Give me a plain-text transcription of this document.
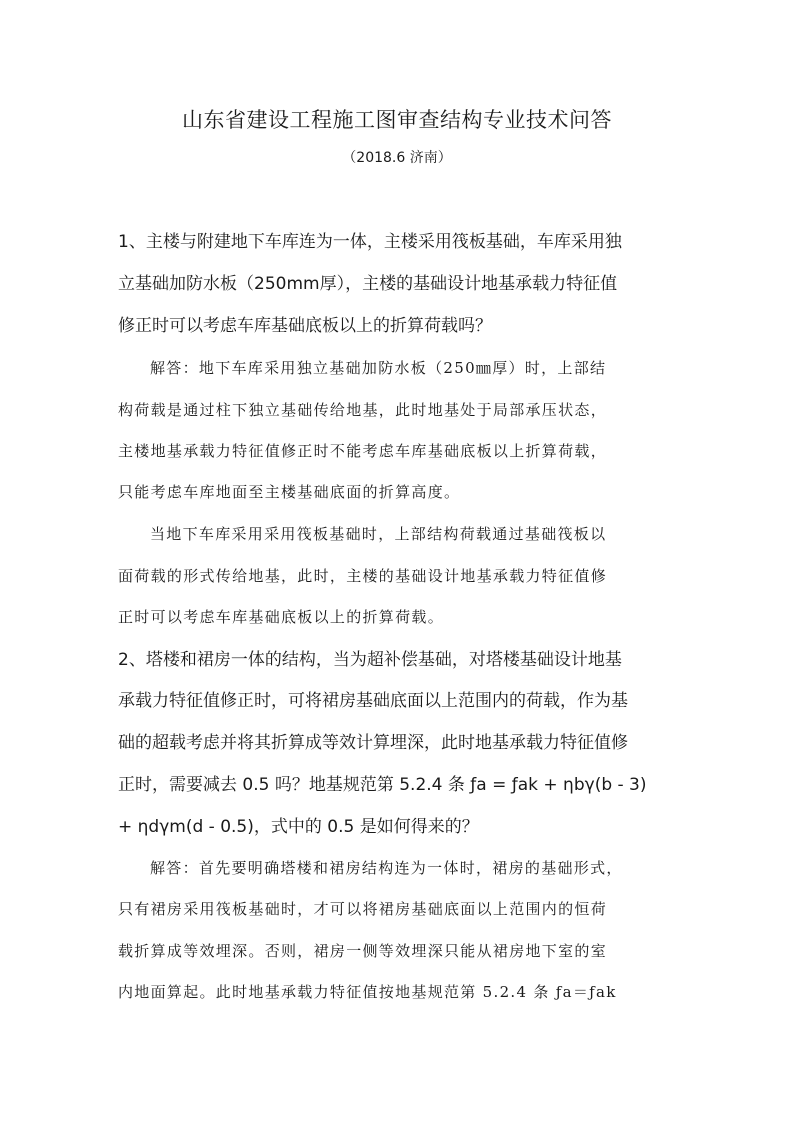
山东省建设工程施工图审查结构专业技术问答
（2018.6 济南）
1、主楼与附建地下车库连为一体，主楼采用筏板基础，车库采用独
立基础加防水板（250mm厚），主楼的基础设计地基承载力特征值
修正时可以考虑车库基础底板以上的折算荷载吗？
解答：地下车库采用独立基础加防水板（250㎜厚）时，上部结
构荷载是通过柱下独立基础传给地基，此时地基处于局部承压状态，
主楼地基承载力特征值修正时不能考虑车库基础底板以上折算荷载，
只能考虑车库地面至主楼基础底面的折算高度。
当地下车库采用采用筏板基础时，上部结构荷载通过基础筏板以
面荷载的形式传给地基，此时，主楼的基础设计地基承载力特征值修
正时可以考虑车库基础底板以上的折算荷载。
2、塔楼和裙房一体的结构，当为超补偿基础，对塔楼基础设计地基
承载力特征值修正时，可将裙房基础底面以上范围内的荷载，作为基
础的超载考虑并将其折算成等效计算埋深，此时地基承载力特征值修
正时，需要减去 0.5 吗？地基规范第 5.2.4 条 ƒa = ƒak + ηbγ(b - 3)
+ ηdγm(d - 0.5)，式中的 0.5 是如何得来的？
解答：首先要明确塔楼和裙房结构连为一体时，裙房的基础形式，
只有裙房采用筏板基础时，才可以将裙房基础底面以上范围内的恒荷
载折算成等效埋深。否则，裙房一侧等效埋深只能从裙房地下室的室
内地面算起。此时地基承载力特征值按地基规范第 5.2.4 条 ƒa＝ƒak
